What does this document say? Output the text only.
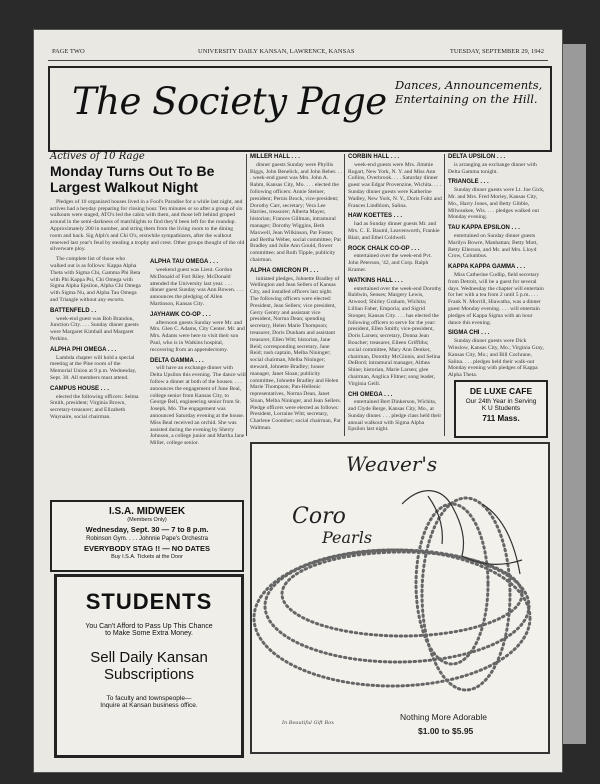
PAGE TWO	UNIVERSITY DAILY KANSAN, LAWRENCE, KANSAS	TUESDAY, SEPTEMBER 29, 1942
The Society Page Dances, Announcements, Entertaining on the Hill.
Actives of 10 Rage
Monday Turns Out To Be Largest Walkout Night

Pledges of 10 organized houses lived in a Fool's Paradise for a while last night, and actives had a heyday preparing for closing hour. Ten minutes or so after a group of six walkouts were staged, ATO's led the cabin with them, and those left behind groped around in the semi-darkness of matchlights to find they'd been left for the roundup. Approximately 200 in number, and string them from the living room to the dining room and back. Sig Alph's and Chi O's, erstwhile sympathizers, after the walkout renewed last year's feud by stealing a trophy and crest. Other groups thought of the old silverware ploy.

The complete list of those who walked out is as follows: Kappa Alpha Theta with Sigma Chi, Gamma Phi Beta with Phi Kappa Psi, Chi Omega with Sigma Alpha Epsilon, Alpha Chi Omega with Sigma Nu, and Alpha Tau Omega and Triangle without any escorts.

BATTENFELD . .

week-end guest was Bob Brandon, Junction City. . . . Sunday dinner guests were Margaret Kimball and Margaret Perkins.

ALPHA PHI OMEGA . . .

Lambda chapter will hold a special meeting at the Pine room of the Memorial Union at 9 p.m. Wednesday, Sept. 30. All members must attend.

CAMPUS HOUSE . . .

elected the following officers: Selma Smith, president; Virginia Brown, secretary-treasurer; and Elizabeth Waynaire, social chairman.

ALPHA TAU OMEGA . . .

weekend guest was Lieut. Gordon McDonald of Fort Riley. McDonald attended the University last year. . . . dinner guest Sunday was Ann Bowen. . . . announces the pledging of Allen Martinson, Kansas City.

JAYHAWK CO-OP . . .

afternoon guests Sunday were Mr. and Mrs. Glen C. Adams, City Center. Mr. and Mrs. Adams were here to visit their son Paul, who is in Watkins hospital, recovering from an appendectomy.

DELTA GAMMA . . .

will have an exchange dinner with Delta Upsilon this evening. The dance will follow a dinner at both of the houses. . . . announces the engagement of June Beal, college senior from Kansas City, to George Bell, engineering senior from St. Joseph, Mo. The engagement was announced Saturday evening at the house. Miss Beal received an orchid. She was assisted during the evening by Sherry Johnson, a college junior and Martha Jane Miller, college senior.

I.S.A. MIDWEEK
(Members Only)
Wednesday, Sept. 30 — 7 to 8 p.m.
Robinson Gym. . . . Johnnie Pape's Orchestra
EVERYBODY STAG !! — NO DATES
Buy I.S.A. Tickets at the Door
STUDENTS
You Can't Afford to Pass Up This Chance
to Make Some Extra Money.
Sell Daily Kansan
Subscriptions
To faculty and townspeople—
Inquire at Kansan business office.
MILLER HALL . . .

dinner guests Sunday were Phyllis Biggs, John Benelick, and John Reber. . . . week-end guest was Mrs. John A. Rahm, Kansas City, Mo. . . . elected the following officers: Annie Steiner, president; Pernis Brock, vice-president; Dorothy Carr, secretary; Vera Lee Harries, treasurer; Alberta Mayer, historian; Frances Gillman, intramural manager; Dorothy Wiggins, Beth Maxwell, Jean Wilkinson, Pat Foster, and Bertha Weber, social committee; Pat Bradley and Julie Ann Gould, flower committee; and Ruth Tipple, publicity chairman.

ALPHA OMICRON PI . . .

initiated pledges, Johnette Bradley of Wellington and Jean Sellers of Kansas City, and installed officers last night. The following officers were elected: President, Jean Sellers; vice president, Gerry Gentry and assistant vice president, Norma Dean; spending secretary, Helen Marie Thompson; treasurer, Doris Dunham and assistant treasurer, Ellen Witt; historian, Jane Reid; corresponding secretary, Jane Reid; rush captain, Melba Nininger; social chairman, Melba Nininger; steward, Johnette Bradley; house manager, Janet Sloan; publicity committee, Johnette Bradley and Helen Marie Thompson; Pan-Hellenic representatives, Norma Dean, Janet Sloan, Melba Nininger, and Jean Sellers. Pledge officers were elected as follows: President, Lorraine Witt; secretary, Charlene Coomber; social chairman, Pat Waltman.

CORBIN HALL . . .

week-end guests were Mrs. Jimmie Rugart, New York, N. Y. and Miss Ann Collins, Overbrook. . . . Saturday dinner guest was Edgar Provenzine, Wichita. . . . Sunday dinner guests were Katherine Wadley, New York, N. Y., Doris Foltz and Frances Lindblom, Salina.

HAW KOETTES . . .

had as Sunday dinner guests Mr. and Mrs. C. E. Bauml, Leavenworth, Frankie Blair, and Ethel Coldwell.

ROCK CHALK CO-OP . . .

entertained over the week-end Pvt. John Peterson, '42, and Corp. Ralph Kramer.

WATKINS HALL . . .

entertained over the week-end Dorothy Baldwin, Senses; Margery Lewis, Atwood; Shirley Graham, Wichita; Lillian Faber, Emporia; and Sigrid Stooper, Kansas City. . . . has elected the following officers to serve for the year: president, Ellen Smith; vice-president, Doris Larsen; secretary, Donna Jean Boucher; treasurer, Eileen Griffiths; social committee, Mary Ann Denker, chairman, Dorothy McGinnis, and Selina DeBord; intramural manager, Althea Shine; historian, Marie Larsen; glee chairman, Anglica Flitner; song leader, Virginia Geill.

CHI OMEGA . . .

entertained Bert Dinkerson, Wichita, and Clyde Berge, Kansas City, Mo., at Sunday dinner. . . . pledge class held their annual walkout with Sigma Alpha Epsilon last night.

DELTA UPSILON . . .

is arranging an exchange dinner with Delta Gamma tonight.

TRIANGLE . . .

Sunday dinner guests were Lt. Joe Gick, Mr. and Mrs. Fred Morley, Kansas City, Mo., Harry Jones, and Betty Gibble, Milwaukee, Wis. . . . pledges walked out Monday evening.

TAU KAPPA EPSILON . . .

entertained on Sunday dinner guests Marilyn Bowre, Manhattan; Betty Mott, Betty Ellerson, and Mr. and Mrs. Lloyd Crow, Columbus.

KAPPA KAPPA GAMMA . . .

Miss Catherine Cudlip, field secretary from Detroit, will be a guest for several days. Wednesday the chapter will entertain for her with a tea from 2 until 5 p.m. . . . Frank N. Morrill, Hiawatha, was a dinner guest Monday evening. . . . will entertain pledges of Kappa Sigma with an hour dance this evening.

SIGMA CHI . . .

Sunday dinner guests were Dick Winslow, Kansas City, Mo.; Virginia Gray, Kansas City, Mo.; and Bill Cochrane, Salina. . . . pledges held their walk-out Monday evening with pledges of Kappa Alpha Theta.

DE LUXE CAFE
Our 24th Year in Serving
K U Students
711 Mass.
Weaver's
Coro
Pearls
In Beautiful Gift Box
Nothing More Adorable
$1.00 to $5.95
